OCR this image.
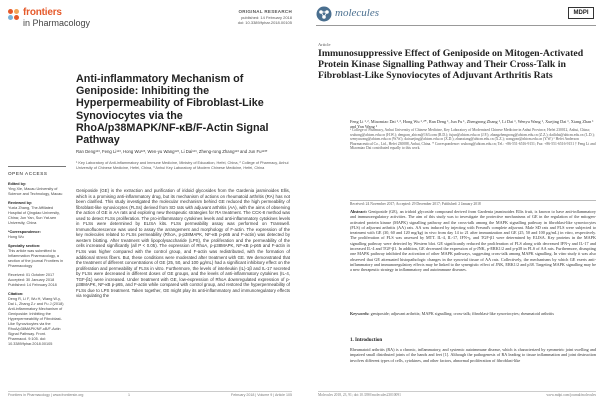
frontiers
in Pharmacology
ORIGINAL RESEARCH
published: 14 February 2018
doi: 10.3389/fphar.2018.00105
Anti-inflammatory Mechanism of Geniposide: Inhibiting the Hyperpermeability of Fibroblast-Like Synoviocytes via the RhoA/p38MAPK/NF-κB/F-Actin Signal Pathway
Ran Deng¹²³, Feng Li¹²³, Hong Wu¹²³, Wen-yu Wang¹²³, Li Dai¹²³, Zheng-rong Zhang¹²³ and Jun Fu¹²³*
¹ Key Laboratory of Anti-inflammatory and Immune Medicine, Ministry of Education, Hefei, China, ² College of Pharmacy, Anhui University of Chinese Medicine, Hefei, China, ³ Anhui Key Laboratory of Modern Chinese Medicine, Hefei, China
OPEN ACCESS
Edited by:
Ying Xie, Macau University of Science and Technology, Macau
Reviewed by:
Yuxia Zhang, The Affiliated Hospital of Qingdao University, China; Jun Yan, Sun Yat-sen University, China
*Correspondence:
Hong Wu
Specialty section:
This article was submitted to Inflammation Pharmacology, a section of the journal Frontiers in Pharmacology
Received: 01 October 2017
Accepted: 30 January 2018
Published: 14 February 2018
Citation:
Deng R, Li F, Wu H, Wang W-y, Dai L, Zhang Z-r and Fu J (2018) Anti-inflammatory Mechanism of Geniposide: Inhibiting the Hyperpermeability of Fibroblast-Like Synoviocytes via the RhoA/p38MAPK/NF-κB/F-Actin Signal Pathway. Front. Pharmacol. 9:105. doi: 10.3389/fphar.2018.00105
Geniposide (GE) is the extraction and purification of iridoid glycosides from the Gardenia jasminoides Ellis, which is a promising anti-inflammatory drug, but its mechanism of actions on rheumatoid arthritis (RA) has not been clarified. This study investigated the molecular mechanism behind GE reduced the high permeability of fibroblast-like synoviocytes (FLSs) derived from SD rats with adjuvant arthritis (AA), with the aims of observing the action of GE in AA rats and exploring new therapeutic strategies for RA treatment. The CCK-8 method was used to detect FLSs proliferation. The pro-inflammatory cytokines levels and anti-inflammatory cytokines levels in FLSs were determined by ELISA kits. FLSs permeability assay was performed on Transwell. Immunofluorescence was used to assay the arrangement and morphology of F-actin. The expression of the key molecules related to FLSs permeability (RhoA, p-p38MAPK, NF-κB p-p65 and F-actin) was detected by western blotting. After treatment with lipopolysaccharide (LPS), the proliferation and the permeability of the cells increased significantly (all P < 0.05). The expression of RhoA, p-p38MAPK, NF-κB p-p65 and F-actin in FLSs was higher compared with the control group, and F-actin was redistributed, with the formation of additional stress fibers. But, these conditions were moderated after treatment with GE. We demonstrated that the treatment of different concentrations of GE (25, 50, and 100 μg/mL) had a significant inhibitory effect on the proliferation and permeability of FLSs in vitro. Furthermore, the levels of interleukin (IL)-1β and IL-17 secreted by FLSs were decreased in different doses of GE groups, and the levels of anti-inflammatory cytokines (IL-4, TGF-β1) were increased. Under treatment with GE, low-expression of RhoA downregulated expression of p-p38MAPK, NF-κB p-p65, and F-actin while compared with control group, and restored the hyperpermeability of FLSs due to LPS treatment. Taken together, GE might play its anti-inflammatory and immunoregulatory effects via regulating the
Frontiers in Pharmacology | www.frontiersin.org	1	February 2018 | Volume 9 | Article 105
molecules	MDPI
Article
Immunosuppressive Effect of Geniposide on Mitogen-Activated Protein Kinase Signalling Pathway and Their Cross-Talk in Fibroblast-Like Synoviocytes of Adjuvant Arthritis Rats
Feng Li ¹˒², Miaomiao Dai ¹˒², Hong Wu ¹˒²*, Ran Deng ¹, Jun Fu ¹, Zhengrong Zhang ¹, Li Dai ¹, Wenyu Wang ¹, Xuejing Dai ¹, Xiang Zhan ¹ and Yan Wang ¹
¹ College of Pharmacy, Anhui University of Chinese Medicine, Key Laboratory of Modernized Chinese Medicine in Anhui Province, Hefei 230012, Anhui, China; wuhong@ahtcm.edu.cn (H.W.); dengran_ahtcm@163.com (R.D.); fujun@ahtcm.edu.cn (J.F.); zhangzhengrong@ahtcm.edu.cn (Z.Z.); dailidai@ahtcm.edu.cn (L.D.); wenyuwang@ahtcm.edu.cn (W.W.); daixuejing@ahtcm.edu.cn (X.D.); zhanxiang@ahtcm.edu.cn (X.Z.); wangyan@ahtcm.edu.cn (Y.W.) ² Hefei Anderson Pharmaceutical Co., Ltd., Hefei 230088, Anhui, China. * Correspondence: wuhong@ahtcm.edu.cn; Tel.: +86-551-6516-9151; Fax: +86-551-6516-9151 † Feng Li and Miaomiao Dai contributed equally to this work.
Received: 24 November 2017; Accepted: 29 December 2017; Published: 2 January 2018
Abstract: Geniposide (GE), an iridoid glycoside compound derived from Gardenia jasminoides Ellis fruit, is known to have anti-inflammatory and immunoregulatory activities. The aim of this study was to investigate the protective mechanisms of GE in the regulation of the mitogen-activated protein kinase (MAPK) signalling pathway and the cross-talk among the MAPK signalling pathway in fibroblast-like synoviocytes (FLS) of adjuvant arthritis (AA) rats. AA was induced by injecting with Freund's complete adjuvant. Male SD rats and FLS were subjected to treatment with GE (30, 60 and 120 mg/kg) in vivo from day 14 to 21 after immunization and GE (25, 50 and 100 μg/mL) in vitro, respectively. The proliferation of FLS was assessed by MTT. IL-4, IL-17, IFN-γ, and TGF-β1 were determined by ELISA. Key proteins in the MAPK signalling pathway were detected by Western blot. GE significantly reduced the proliferation of FLS along with decreased IFN-γ and IL-17 and increased IL-4 and TGF-β1. In addition, GE decreased the expression of p-JNK, p-ERK1/2 and p-p38 in FLS of AA rats. Furthermore, disrupting one MAPK pathway inhibited the activation of other MAPK pathways, suggesting cross-talk among MAPK signalling. In vitro study it was also observed that GE attenuated histopathologic changes in the synovial tissue of AA rats. Collectively, the mechanisms by which GE exerts anti-inflammatory and immunoregulatory effects may be linked to the synergistic effect of JNK, ERK1/2 and p38. Targeting MAPK signalling may be a new therapeutic strategy in inflammatory and autoimmune diseases.
Keywords: geniposide; adjuvant arthritis; MAPK signalling; cross-talk; fibroblast-like synoviocytes; rheumatoid arthritis
1. Introduction
Rheumatoid arthritis (RA) is a chronic, inflammatory, and systemic autoimmune disease, which is characterized by symmetric joint swelling and impaired small distributed joints of the hands and feet [1]. Although the pathogenesis of RA leading to tissue inflammation and joint destruction involves different types of cells, cytokines, and other factors, abnormal proliferation of fibroblast-like
Molecules 2018, 23, 91; doi:10.3390/molecules23010091	www.mdpi.com/journal/molecules
